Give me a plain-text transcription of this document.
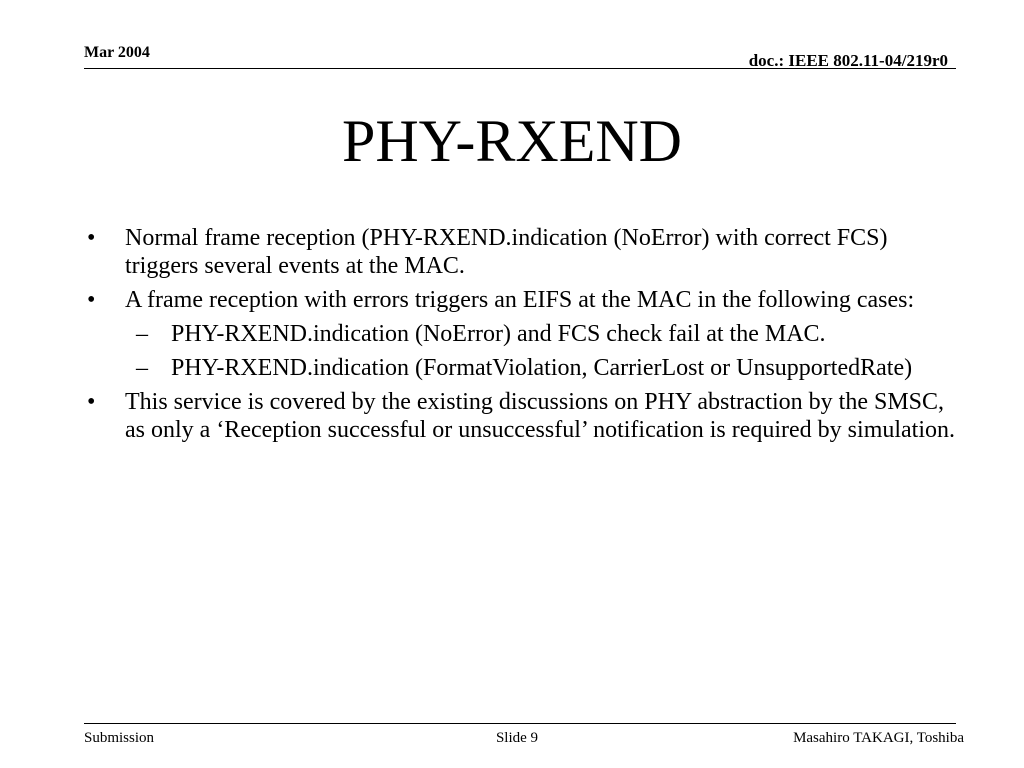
Mar 2004	doc.: IEEE 802.11-04/219r0
PHY-RXEND
• Normal frame reception (PHY-RXEND.indication (NoError) with correct FCS) triggers several events at the MAC.
• A frame reception with errors triggers an EIFS at the MAC in the following cases:
– PHY-RXEND.indication (NoError) and FCS check fail at the MAC.
– PHY-RXEND.indication (FormatViolation, CarrierLost or UnsupportedRate)
• This service is covered by the existing discussions on PHY abstraction by the SMSC, as only a ‘Reception successful or unsuccessful’ notification is required by simulation.
Submission	Slide 9	Masahiro TAKAGI, Toshiba
